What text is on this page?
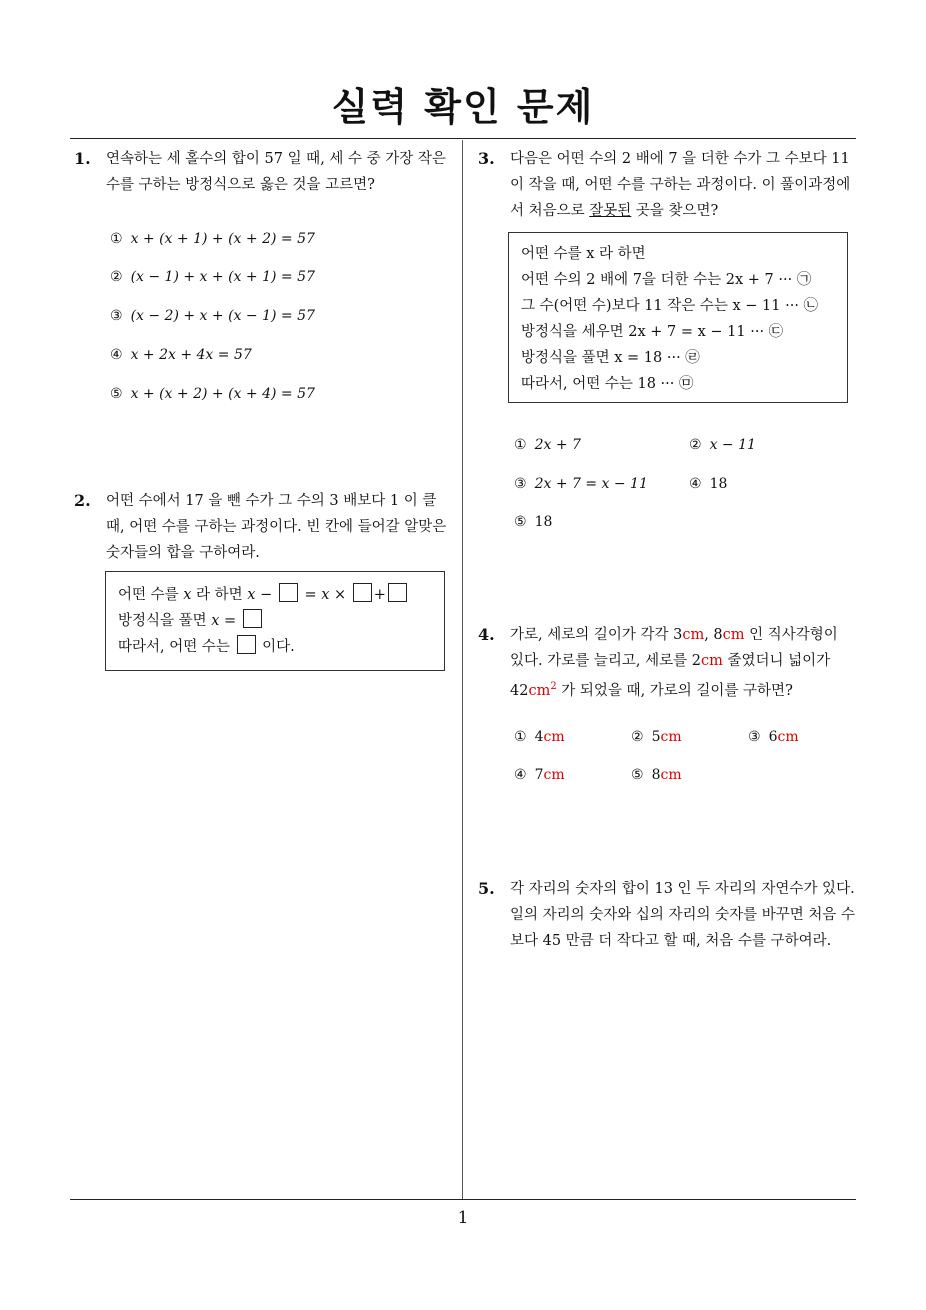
실력 확인 문제
1. 연속하는 세 홀수의 합이 57 일 때, 세 수 중 가장 작은 수를 구하는 방정식으로 옳은 것을 고르면?
① x + (x + 1) + (x + 2) = 57
② (x − 1) + x + (x + 1) = 57
③ (x − 2) + x + (x − 1) = 57
④ x + 2x + 4x = 57
⑤ x + (x + 2) + (x + 4) = 57
2. 어떤 수에서 17 을 뺀 수가 그 수의 3 배보다 1 이 클 때, 어떤 수를 구하는 과정이다. 빈 칸에 들어갈 알맞은 숫자들의 합을 구하여라.
어떤 수를 x 라 하면 x − = x × +
방정식을 풀면 x =
따라서, 어떤 수는 이다.
3. 다음은 어떤 수의 2 배에 7 을 더한 수가 그 수보다 11 이 작을 때, 어떤 수를 구하는 과정이다. 이 풀이과정에서 처음으로 잘못된 곳을 찾으면?
어떤 수를 x 라 하면
어떤 수의 2 배에 7을 더한 수는 2x + 7 ··· ㉠
그 수(어떤 수)보다 11 작은 수는 x − 11 ··· ㉡
방정식을 세우면 2x + 7 = x − 11 ··· ㉢
방정식을 풀면 x = 18 ··· ㉣
따라서, 어떤 수는 18 ··· ㉤
① 2x + 7	② x − 11
③ 2x + 7 = x − 11	④ 18
⑤ 18
4. 가로, 세로의 길이가 각각 3cm, 8cm 인 직사각형이
있다. 가로를 늘리고, 세로를 2cm 줄였더니 넓이가
$42cm^2$ 가 되었을 때, 가로의 길이를 구하면?
① 4cm	② 5cm	③ 6cm
④ 7cm	⑤ 8cm
5. 각 자리의 숫자의 합이 13 인 두 자리의 자연수가 있다. 일의 자리의 숫자와 십의 자리의 숫자를 바꾸면 처음 수보다 45 만큼 더 작다고 할 때, 처음 수를 구하여라.
1
